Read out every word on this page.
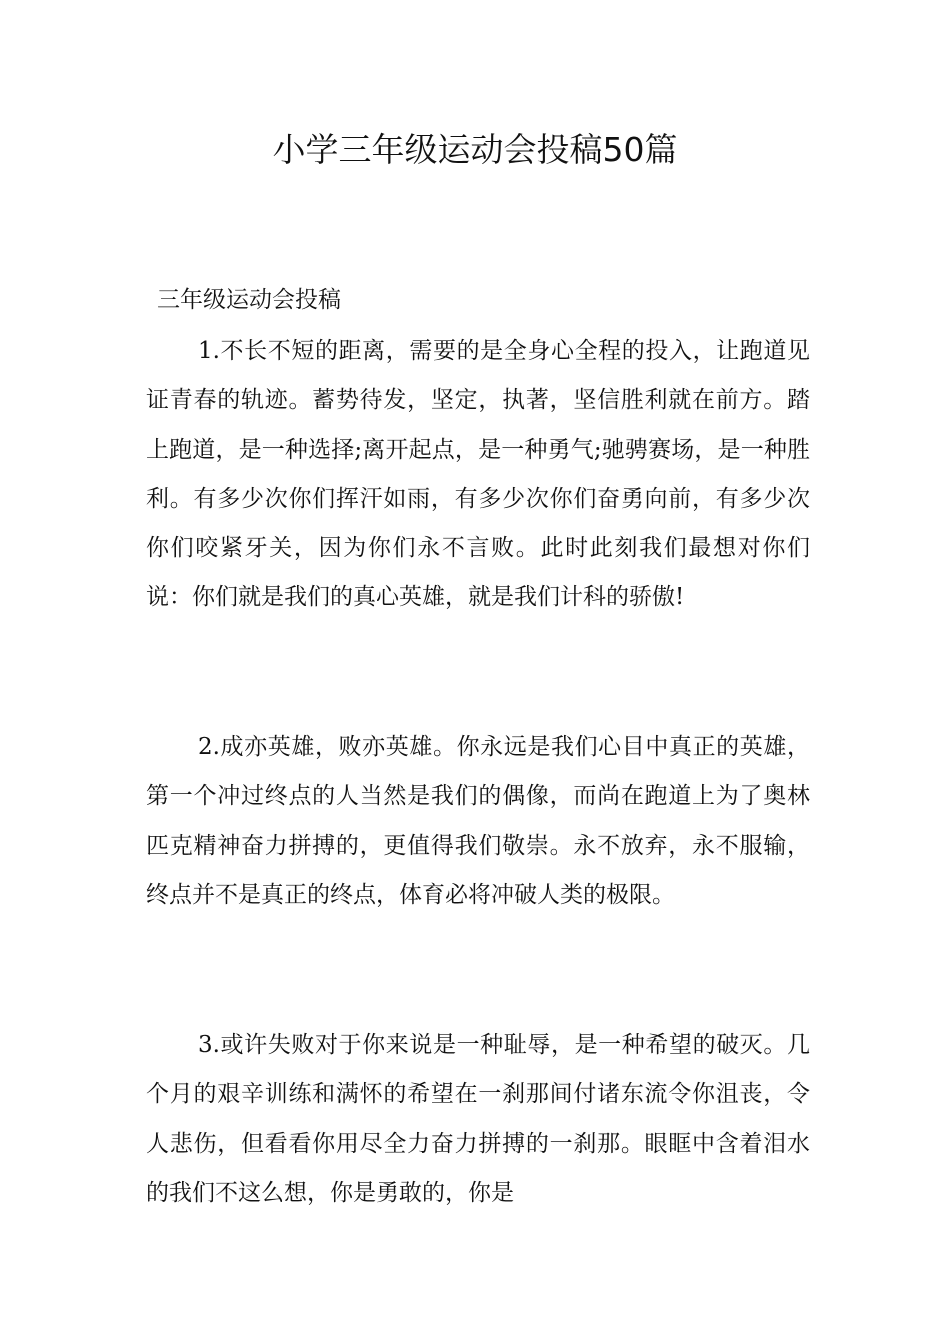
小学三年级运动会投稿50篇

三年级运动会投稿

1.不长不短的距离，需要的是全身心全程的投入，让跑道见证青春的轨迹。蓄势待发，坚定，执著，坚信胜利就在前方。踏上跑道，是一种选择;离开起点，是一种勇气;驰骋赛场，是一种胜利。有多少次你们挥汗如雨，有多少次你们奋勇向前，有多少次你们咬紧牙关，因为你们永不言败。此时此刻我们最想对你们说：你们就是我们的真心英雄，就是我们计科的骄傲!

2.成亦英雄，败亦英雄。你永远是我们心目中真正的英雄，第一个冲过终点的人当然是我们的偶像，而尚在跑道上为了奥林匹克精神奋力拼搏的，更值得我们敬崇。永不放弃，永不服输，终点并不是真正的终点，体育必将冲破人类的极限。

3.或许失败对于你来说是一种耻辱，是一种希望的破灭。几个月的艰辛训练和满怀的希望在一刹那间付诸东流令你沮丧，令人悲伤，但看看你用尽全力奋力拼搏的一刹那。眼眶中含着泪水的我们不这么想，你是勇敢的，你是
